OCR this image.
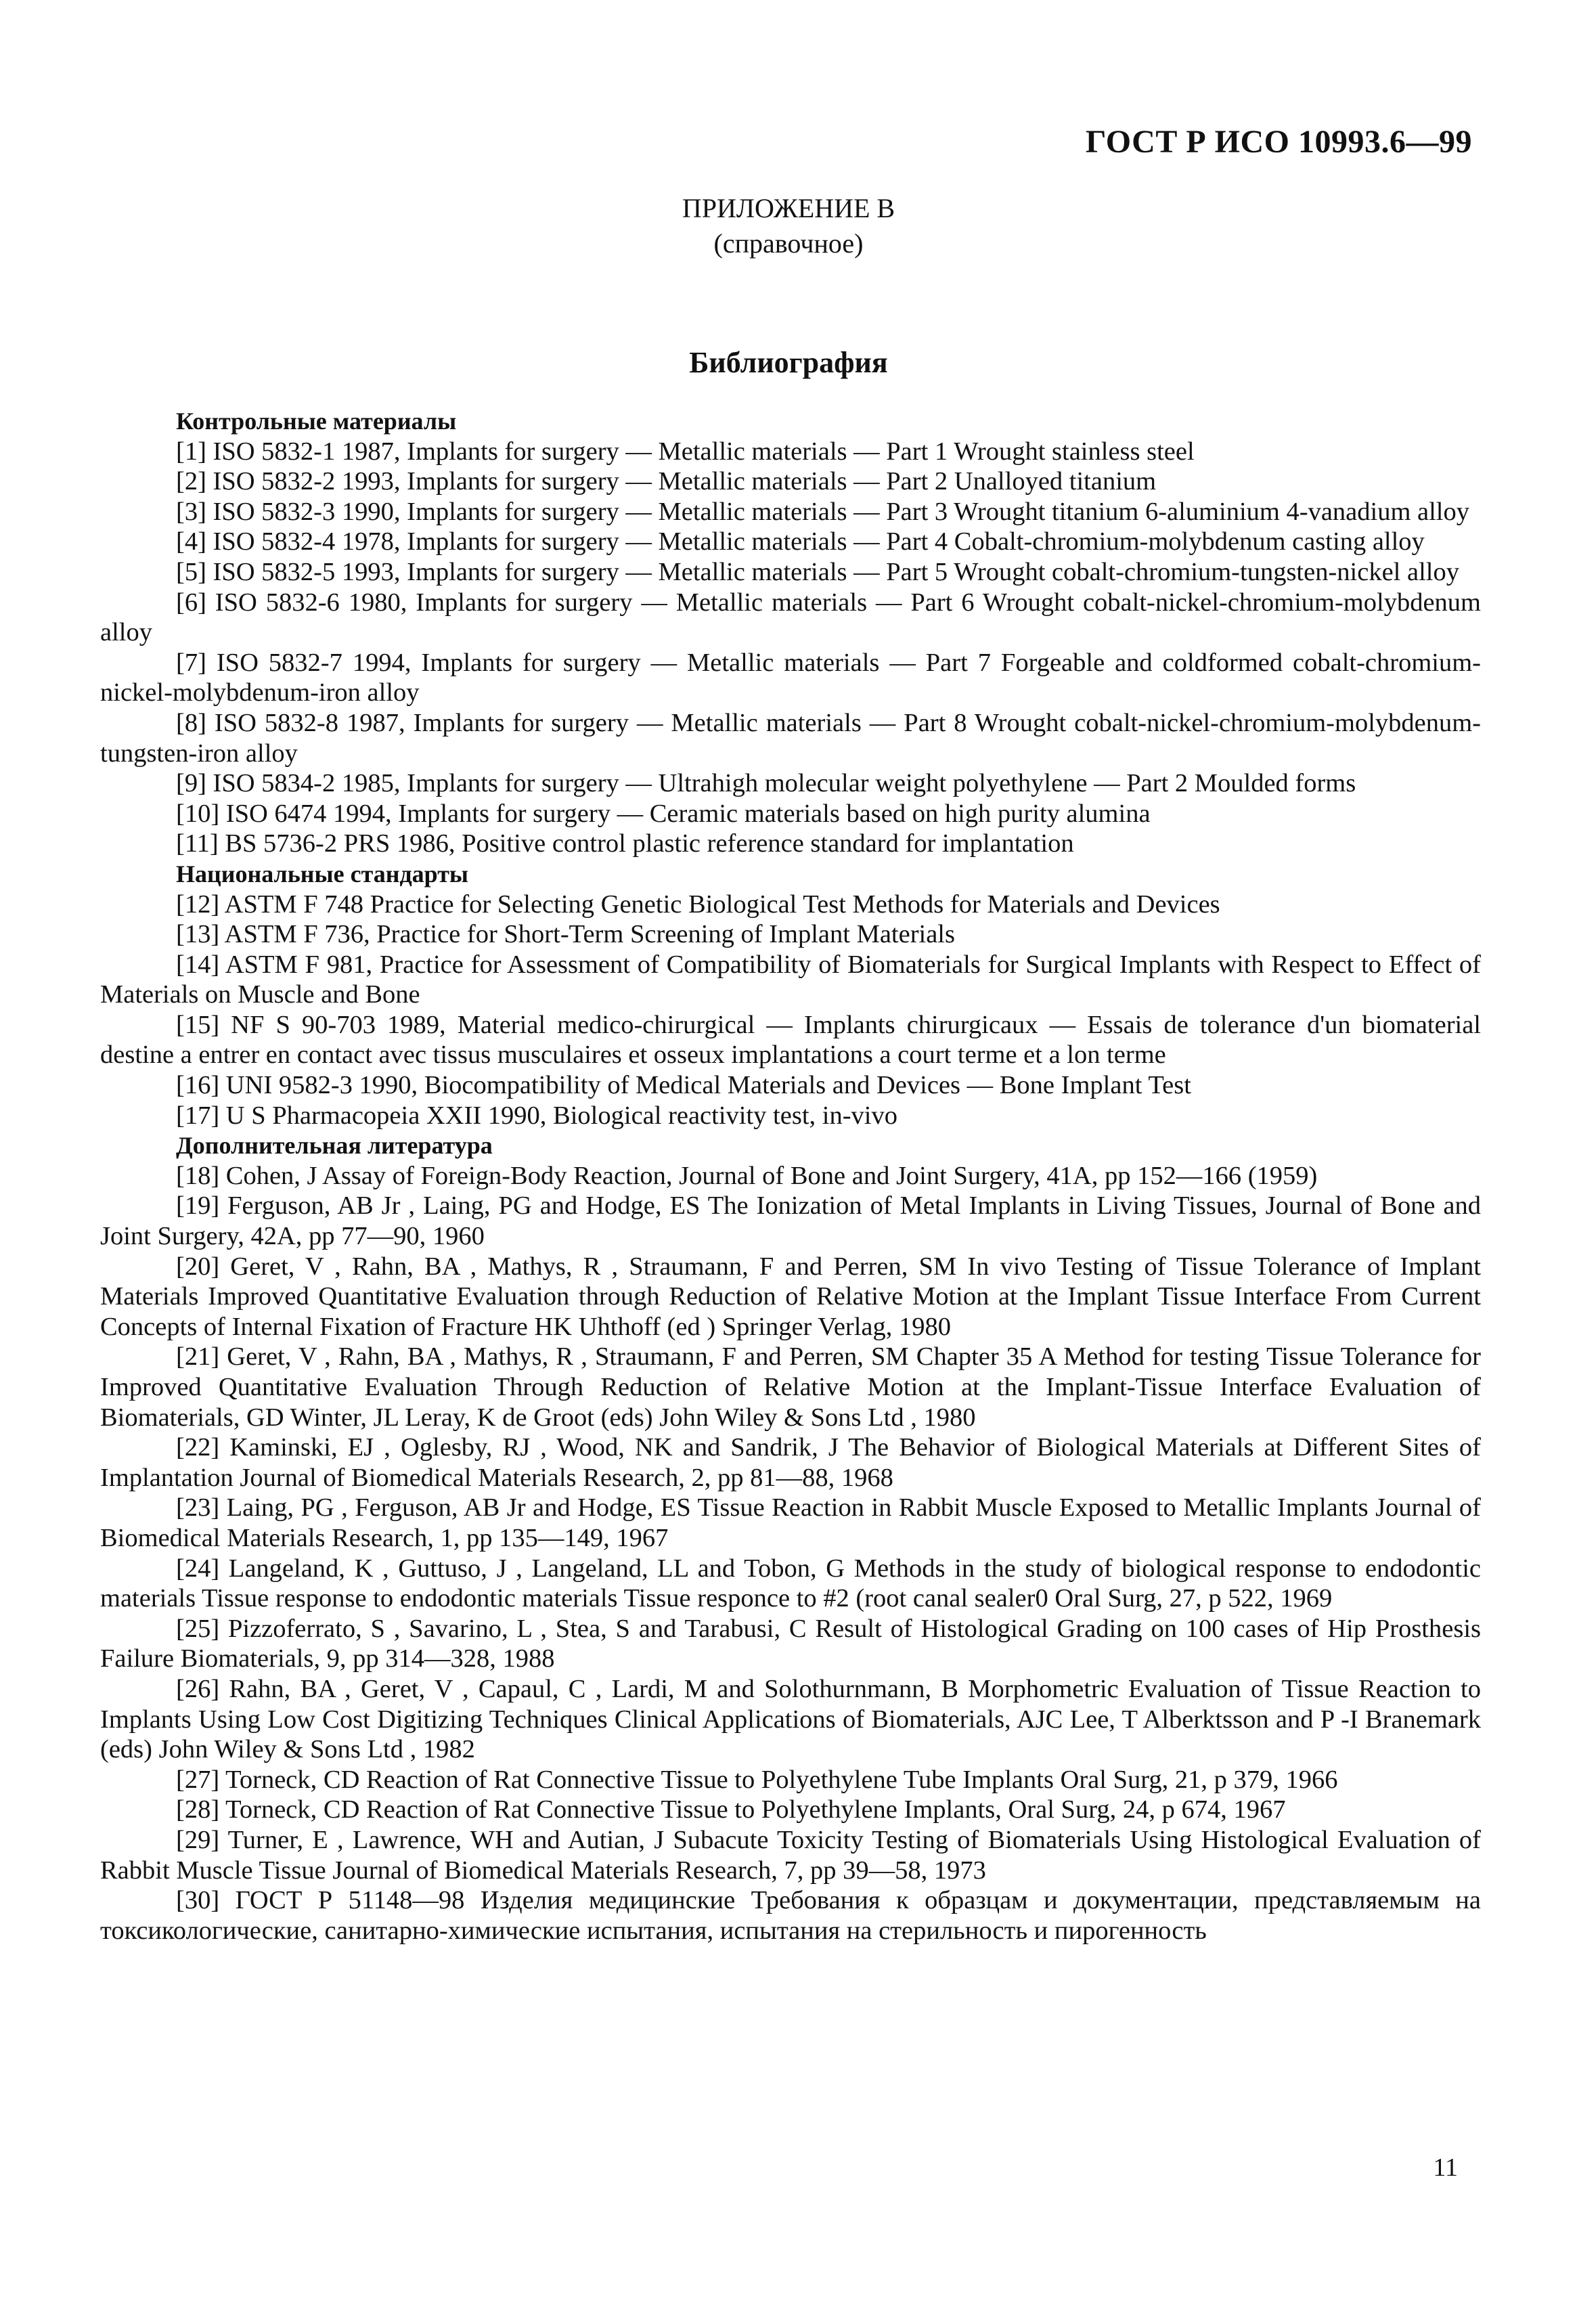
ГОСТ Р ИСО 10993.6—99
ПРИЛОЖЕНИЕ В
(справочное)
Библиография

Контрольные материалы

[1] ISO 5832-1 1987, Implants for surgery — Metallic materials — Part 1 Wrought stainless steel

[2] ISO 5832-2 1993, Implants for surgery — Metallic materials — Part 2 Unalloyed titanium

[3] ISO 5832-3 1990, Implants for surgery — Metallic materials — Part 3 Wrought titanium 6-aluminium 4-vanadium alloy

[4] ISO 5832-4 1978, Implants for surgery — Metallic materials — Part 4 Cobalt-chromium-molybdenum casting alloy

[5] ISO 5832-5 1993, Implants for surgery — Metallic materials — Part 5 Wrought cobalt-chromium-tungsten-nickel alloy

[6] ISO 5832-6 1980, Implants for surgery — Metallic materials — Part 6 Wrought cobalt-nickel-chromium-molybdenum alloy

[7] ISO 5832-7 1994, Implants for surgery — Metallic materials — Part 7 Forgeable and coldformed cobalt-chromium-nickel-molybdenum-iron alloy

[8] ISO 5832-8 1987, Implants for surgery — Metallic materials — Part 8 Wrought cobalt-nickel-chromium-molybdenum-tungsten-iron alloy

[9] ISO 5834-2 1985, Implants for surgery — Ultrahigh molecular weight polyethylene — Part 2 Moulded forms

[10] ISO 6474 1994, Implants for surgery — Ceramic materials based on high purity alumina

[11] BS 5736-2 PRS 1986, Positive control plastic reference standard for implantation

Национальные стандарты

[12] ASTM F 748 Practice for Selecting Genetic Biological Test Methods for Materials and Devices

[13] ASTM F 736, Practice for Short-Term Screening of Implant Materials

[14] ASTM F 981, Practice for Assessment of Compatibility of Biomaterials for Surgical Implants with Respect to Effect of Materials on Muscle and Bone

[15] NF S 90-703 1989, Material medico-chirurgical — Implants chirurgicaux — Essais de tolerance d'un biomaterial destine a entrer en contact avec tissus musculaires et osseux implantations a court terme et a lon terme

[16] UNI 9582-3 1990, Biocompatibility of Medical Materials and Devices — Bone Implant Test

[17] U S Pharmacopeia XXII 1990, Biological reactivity test, in-vivo

Дополнительная литература

[18] Cohen, J Assay of Foreign-Body Reaction, Journal of Bone and Joint Surgery, 41A, pp 152—166 (1959)

[19] Ferguson, AB Jr , Laing, PG and Hodge, ES The Ionization of Metal Implants in Living Tissues, Journal of Bone and Joint Surgery, 42A, pp 77—90, 1960

[20] Geret, V , Rahn, BA , Mathys, R , Straumann, F and Perren, SM In vivo Testing of Tissue Tolerance of Implant Materials Improved Quantitative Evaluation through Reduction of Relative Motion at the Implant Tissue Interface From Current Concepts of Internal Fixation of Fracture HK Uhthoff (ed ) Springer Verlag, 1980

[21] Geret, V , Rahn, BA , Mathys, R , Straumann, F and Perren, SM Chapter 35 A Method for testing Tissue Tolerance for Improved Quantitative Evaluation Through Reduction of Relative Motion at the Implant-Tissue Interface Evaluation of Biomaterials, GD Winter, JL Leray, K de Groot (eds) John Wiley & Sons Ltd , 1980

[22] Kaminski, EJ , Oglesby, RJ , Wood, NK and Sandrik, J The Behavior of Biological Materials at Different Sites of Implantation Journal of Biomedical Materials Research, 2, pp 81—88, 1968

[23] Laing, PG , Ferguson, AB Jr and Hodge, ES Tissue Reaction in Rabbit Muscle Exposed to Metallic Implants Journal of Biomedical Materials Research, 1, pp 135—149, 1967

[24] Langeland, K , Guttuso, J , Langeland, LL and Tobon, G Methods in the study of biological response to endodontic materials Tissue response to endodontic materials Tissue responce to #2 (root canal sealer0 Oral Surg, 27, p 522, 1969

[25] Pizzoferrato, S , Savarino, L , Stea, S and Tarabusi, C Result of Histological Grading on 100 cases of Hip Prosthesis Failure Biomaterials, 9, pp 314—328, 1988

[26] Rahn, BA , Geret, V , Capaul, C , Lardi, M and Solothurnmann, B Morphometric Evaluation of Tissue Reaction to Implants Using Low Cost Digitizing Techniques Clinical Applications of Biomaterials, AJC Lee, T Alberktsson and P -I Branemark (eds) John Wiley & Sons Ltd , 1982

[27] Torneck, CD Reaction of Rat Connective Tissue to Polyethylene Tube Implants Oral Surg, 21, p 379, 1966

[28] Torneck, CD Reaction of Rat Connective Tissue to Polyethylene Implants, Oral Surg, 24, p 674, 1967

[29] Turner, E , Lawrence, WH and Autian, J Subacute Toxicity Testing of Biomaterials Using Histological Evaluation of Rabbit Muscle Tissue Journal of Biomedical Materials Research, 7, pp 39—58, 1973

[30] ГОСТ Р 51148—98 Изделия медицинские Требования к образцам и документации, представляемым на токсикологические, санитарно-химические испытания, испытания на стерильность и пирогенность

11
